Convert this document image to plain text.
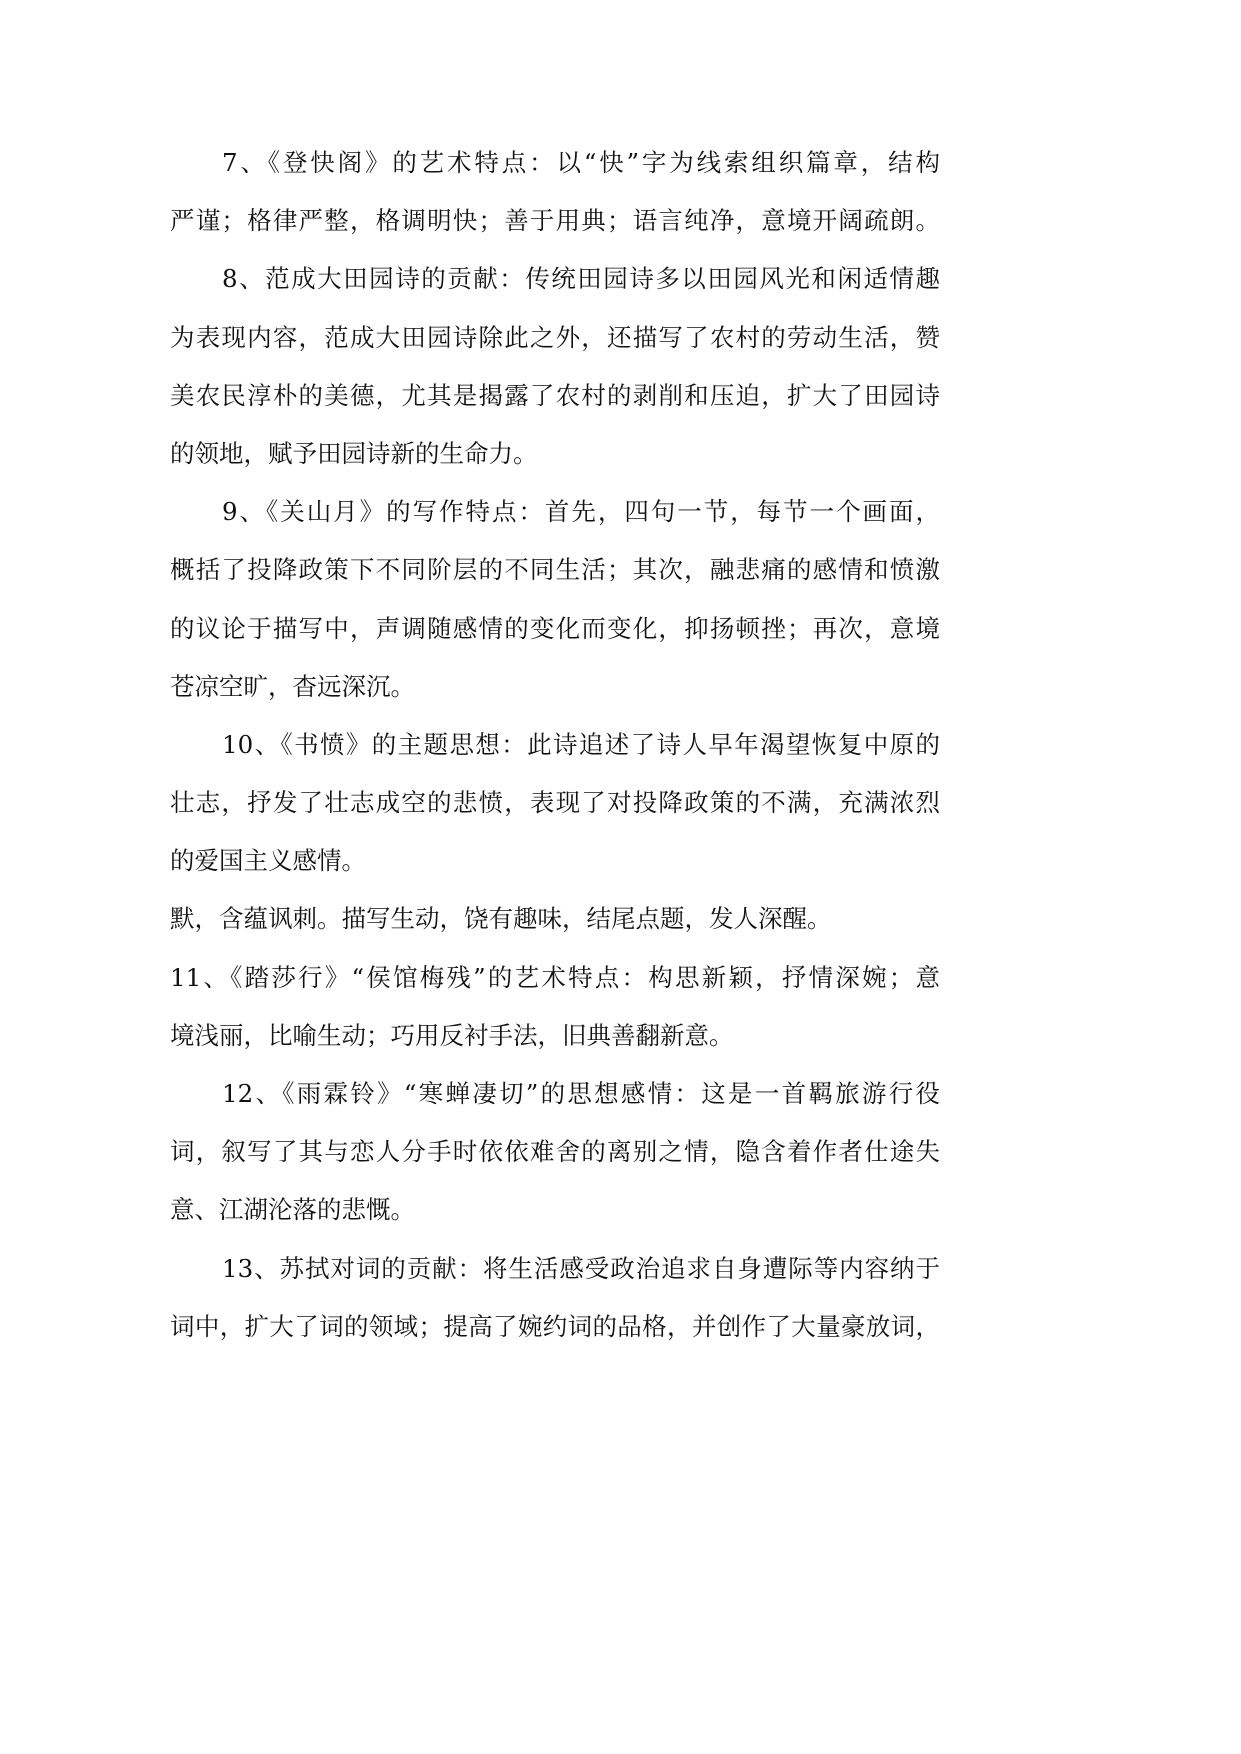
7、《登快阁》的艺术特点：以“快”字为线索组织篇章，结构
严谨；格律严整，格调明快；善于用典；语言纯净，意境开阔疏朗。
8、范成大田园诗的贡献：传统田园诗多以田园风光和闲适情趣
为表现内容，范成大田园诗除此之外，还描写了农村的劳动生活，赞
美农民淳朴的美德，尤其是揭露了农村的剥削和压迫，扩大了田园诗
的领地，赋予田园诗新的生命力。
9、《关山月》的写作特点：首先，四句一节，每节一个画面，
概括了投降政策下不同阶层的不同生活；其次，融悲痛的感情和愤激
的议论于描写中，声调随感情的变化而变化，抑扬顿挫；再次，意境
苍凉空旷，杳远深沉。
10、《书愤》的主题思想：此诗追述了诗人早年渴望恢复中原的
壮志，抒发了壮志成空的悲愤，表现了对投降政策的不满，充满浓烈
的爱国主义感情。
默，含蕴讽刺。描写生动，饶有趣味，结尾点题，发人深醒。
11、《踏莎行》“侯馆梅残”的艺术特点：构思新颖，抒情深婉；意
境浅丽，比喻生动；巧用反衬手法，旧典善翻新意。
12、《雨霖铃》“寒蝉凄切”的思想感情：这是一首羁旅游行役
词，叙写了其与恋人分手时依依难舍的离别之情，隐含着作者仕途失
意、江湖沦落的悲慨。
13、苏拭对词的贡献：将生活感受政治追求自身遭际等内容纳于
词中，扩大了词的领域；提高了婉约词的品格，并创作了大量豪放词，
